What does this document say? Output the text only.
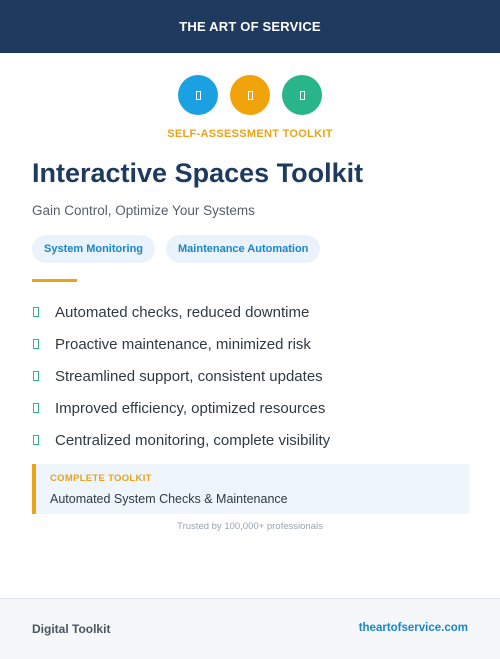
THE ART OF SERVICE
SELF-ASSESSMENT TOOLKIT
Interactive Spaces Toolkit
Gain Control, Optimize Your Systems
System Monitoring	Maintenance Automation
Automated checks, reduced downtime
Proactive maintenance, minimized risk
Streamlined support, consistent updates
Improved efficiency, optimized resources
Centralized monitoring, complete visibility
COMPLETE TOOLKIT
Automated System Checks & Maintenance
Trusted by 100,000+ professionals
Digital Toolkit	theartofservice.com
